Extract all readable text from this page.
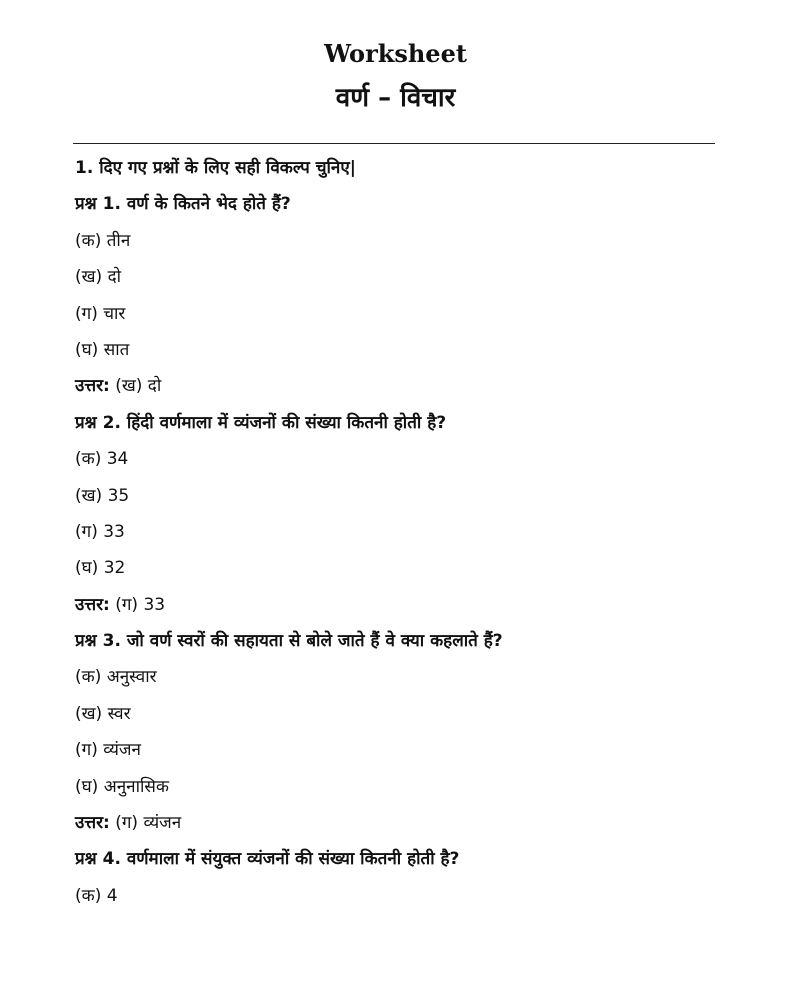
Worksheet
वर्ण – विचार
1. दिए गए प्रश्नों के लिए सही विकल्प चुनिए|
प्रश्न 1. वर्ण के कितने भेद होते हैं?
(क) तीन
(ख) दो
(ग) चार
(घ) सात
उत्तर: (ख) दो
प्रश्न 2. हिंदी वर्णमाला में व्यंजनों की संख्या कितनी होती है?
(क) 34
(ख) 35
(ग) 33
(घ) 32
उत्तर: (ग) 33
प्रश्न 3. जो वर्ण स्वरों की सहायता से बोले जाते हैं वे क्या कहलाते हैं?
(क) अनुस्वार
(ख) स्वर
(ग) व्यंजन
(घ) अनुनासिक
उत्तर: (ग) व्यंजन
प्रश्न 4. वर्णमाला में संयुक्त व्यंजनों की संख्या कितनी होती है?
(क) 4
